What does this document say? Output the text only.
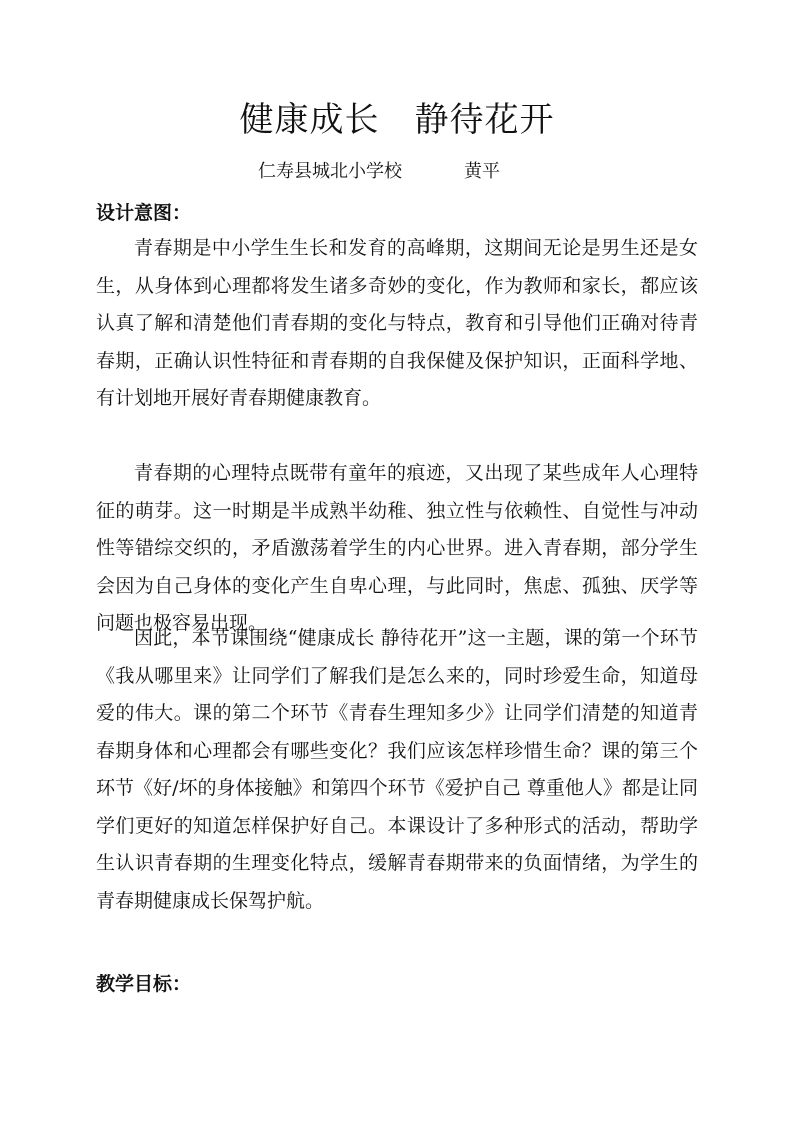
健康成长　静待花开
仁寿县城北小学校	黄平
设计意图：

青春期是中小学生生长和发育的高峰期，这期间无论是男生还是女生，从身体到心理都将发生诸多奇妙的变化，作为教师和家长，都应该认真了解和清楚他们青春期的变化与特点，教育和引导他们正确对待青春期，正确认识性特征和青春期的自我保健及保护知识，正面科学地、有计划地开展好青春期健康教育。

青春期的心理特点既带有童年的痕迹，又出现了某些成年人心理特征的萌芽。这一时期是半成熟半幼稚、独立性与依赖性、自觉性与冲动性等错综交织的，矛盾激荡着学生的内心世界。进入青春期，部分学生会因为自己身体的变化产生自卑心理，与此同时，焦虑、孤独、厌学等问题也极容易出现。

因此，本节课围绕“健康成长 静待花开”这一主题，课的第一个环节《我从哪里来》让同学们了解我们是怎么来的，同时珍爱生命，知道母爱的伟大。课的第二个环节《青春生理知多少》让同学们清楚的知道青春期身体和心理都会有哪些变化？我们应该怎样珍惜生命？课的第三个环节《好/坏的身体接触》和第四个环节《爱护自己 尊重他人》都是让同学们更好的知道怎样保护好自己。本课设计了多种形式的活动，帮助学生认识青春期的生理变化特点，缓解青春期带来的负面情绪，为学生的青春期健康成长保驾护航。

教学目标：
